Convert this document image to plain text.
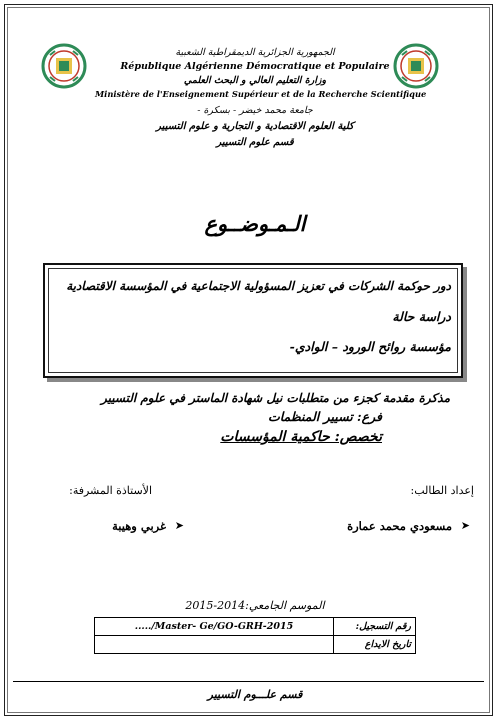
الجمهورية الجزائرية الديمقراطية الشعبية
République Algérienne Démocratique et Populaire
وزارة التعليم العالي و البحث العلمي
Ministère de l'Enseignement Supérieur et de la Recherche Scientifique
جامعة محمد خيضر - بسكرة -
كلية العلوم الاقتصادية و التجارية و علوم التسيير
قسم علوم التسيير
الـمـوضــوع
دور حوكمة الشركات في تعزيز المسؤولية الاجتماعية في المؤسسة الاقتصادية
دراسة حالة
مؤسسة روائح الورود – الوادي-
مذكرة مقدمة كجزء من متطلبات نيل شهادة الماستر في علوم التسيير
فرع: تسيير المنظمات
تخصص: حاكمية المؤسسات
إعداد الطالب:
الأستاذة المشرفة:
➤
مسعودي محمد عمارة
➤
غربي وهيبة
الموسم الجامعي:2014-2015
...../Master- Ge/GO-GRH-2015	رقم التسجيل:
	تاريخ الايداع
قسم علـــوم التسيير
